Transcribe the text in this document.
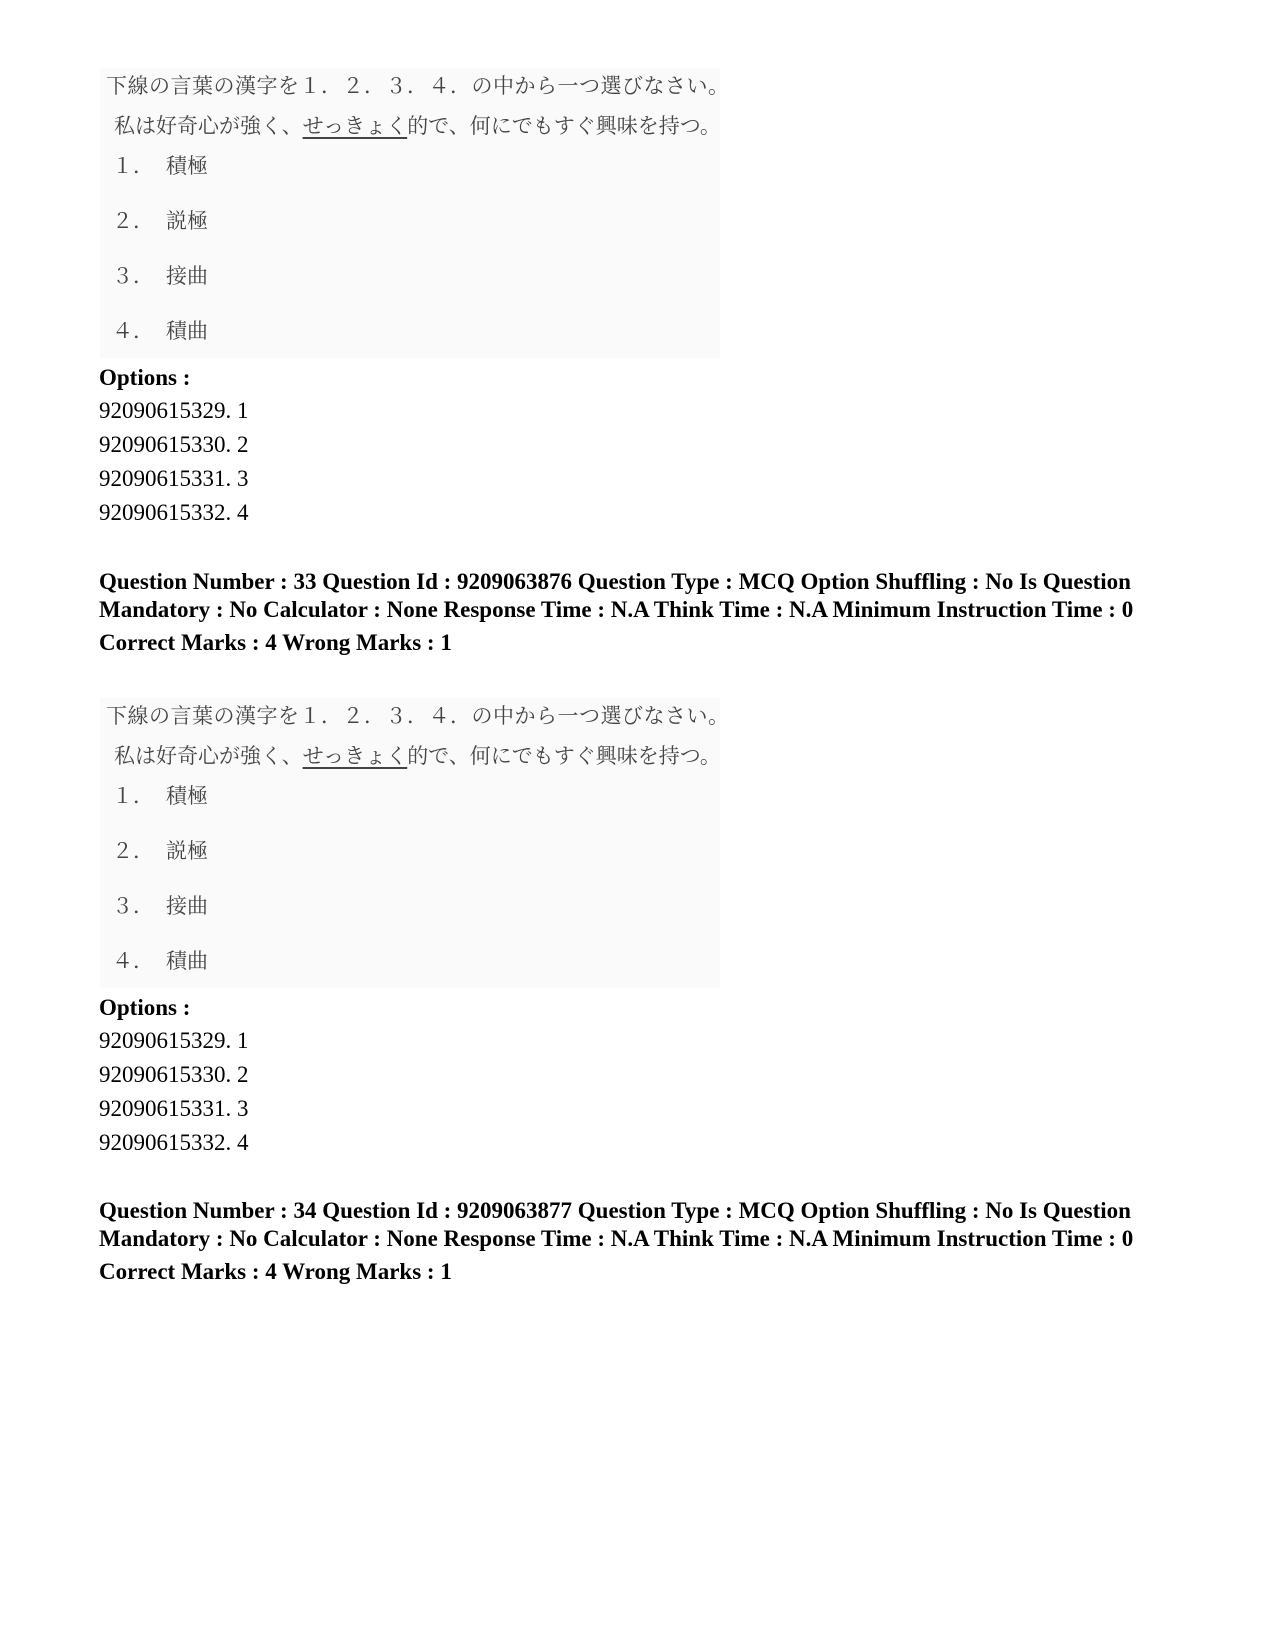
下線の言葉の漢字を１．２．３．４．の中から一つ選びなさい。
私は好奇心が強く、せっきょく的で、何にでもすぐ興味を持つ。
１． 積極
２． 説極
３． 接曲
４． 積曲

Options :

92090615329. 1

92090615330. 2

92090615331. 3

92090615332. 4

Question Number : 33 Question Id : 9209063876 Question Type : MCQ Option Shuffling : No Is Question Mandatory : No Calculator : None Response Time : N.A Think Time : N.A Minimum Instruction Time : 0

Correct Marks : 4 Wrong Marks : 1

下線の言葉の漢字を１．２．３．４．の中から一つ選びなさい。
私は好奇心が強く、せっきょく的で、何にでもすぐ興味を持つ。
１． 積極
２． 説極
３． 接曲
４． 積曲

Options :

92090615329. 1

92090615330. 2

92090615331. 3

92090615332. 4

Question Number : 34 Question Id : 9209063877 Question Type : MCQ Option Shuffling : No Is Question Mandatory : No Calculator : None Response Time : N.A Think Time : N.A Minimum Instruction Time : 0

Correct Marks : 4 Wrong Marks : 1
